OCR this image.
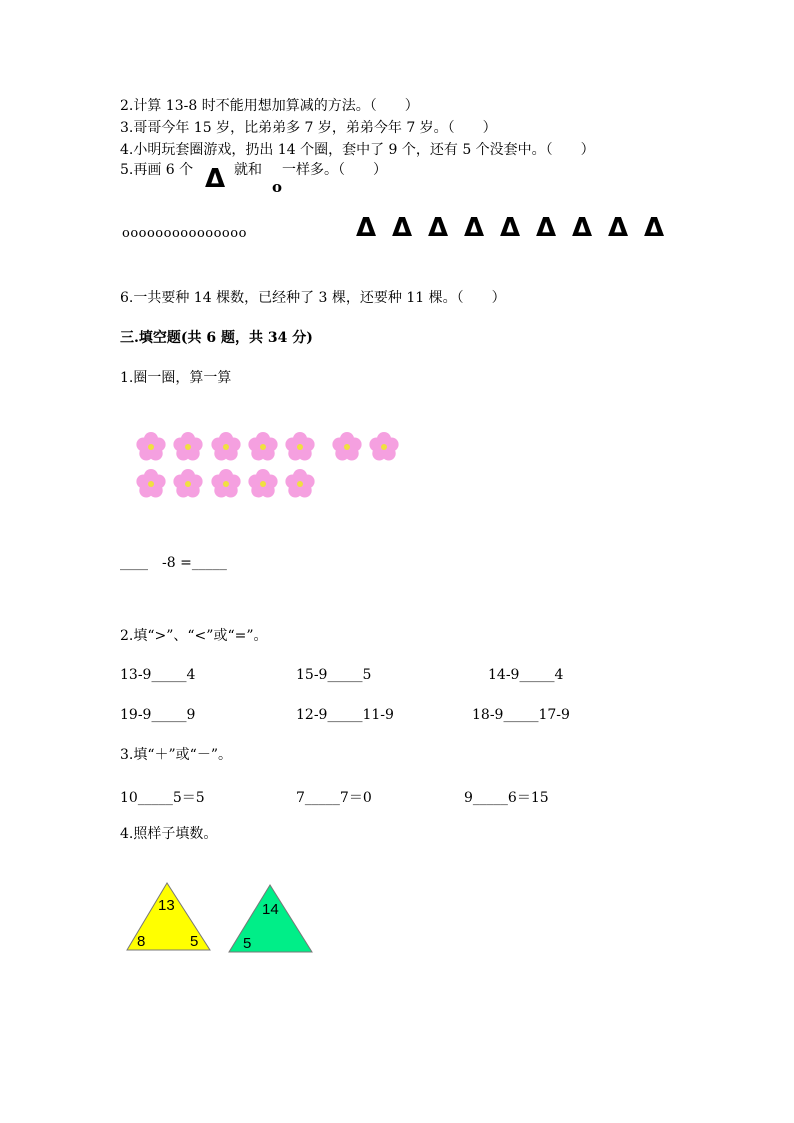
2.计算 13-8 时不能用想加算减的方法。（　　）
3.哥哥今年 15 岁，比弟弟多 7 岁，弟弟今年 7 岁。（　　）
4.小明玩套圈游戏，扔出 14 个圈，套中了 9 个，还有 5 个没套中。（　　）
5.再画 6 个 Δ 就和
o
一样多。（　　）
ooooooooooooooo	Δ Δ Δ Δ Δ Δ Δ Δ Δ
6.一共要种 14 棵数，已经种了 3 棵，还要种 11 棵。（　　）
三.填空题(共 6 题，共 34 分)
1.圈一圈，算一算
____　-8 =_____
2.填“>”、“<”或“=”。
13-9_____4	15-9_____5	14-9_____4
19-9_____9	12-9_____11-9	18-9_____17-9
3.填“＋”或“－”。
10_____5＝5	7_____7＝0	9_____6＝15
4.照样子填数。
13
8	5
14
5
